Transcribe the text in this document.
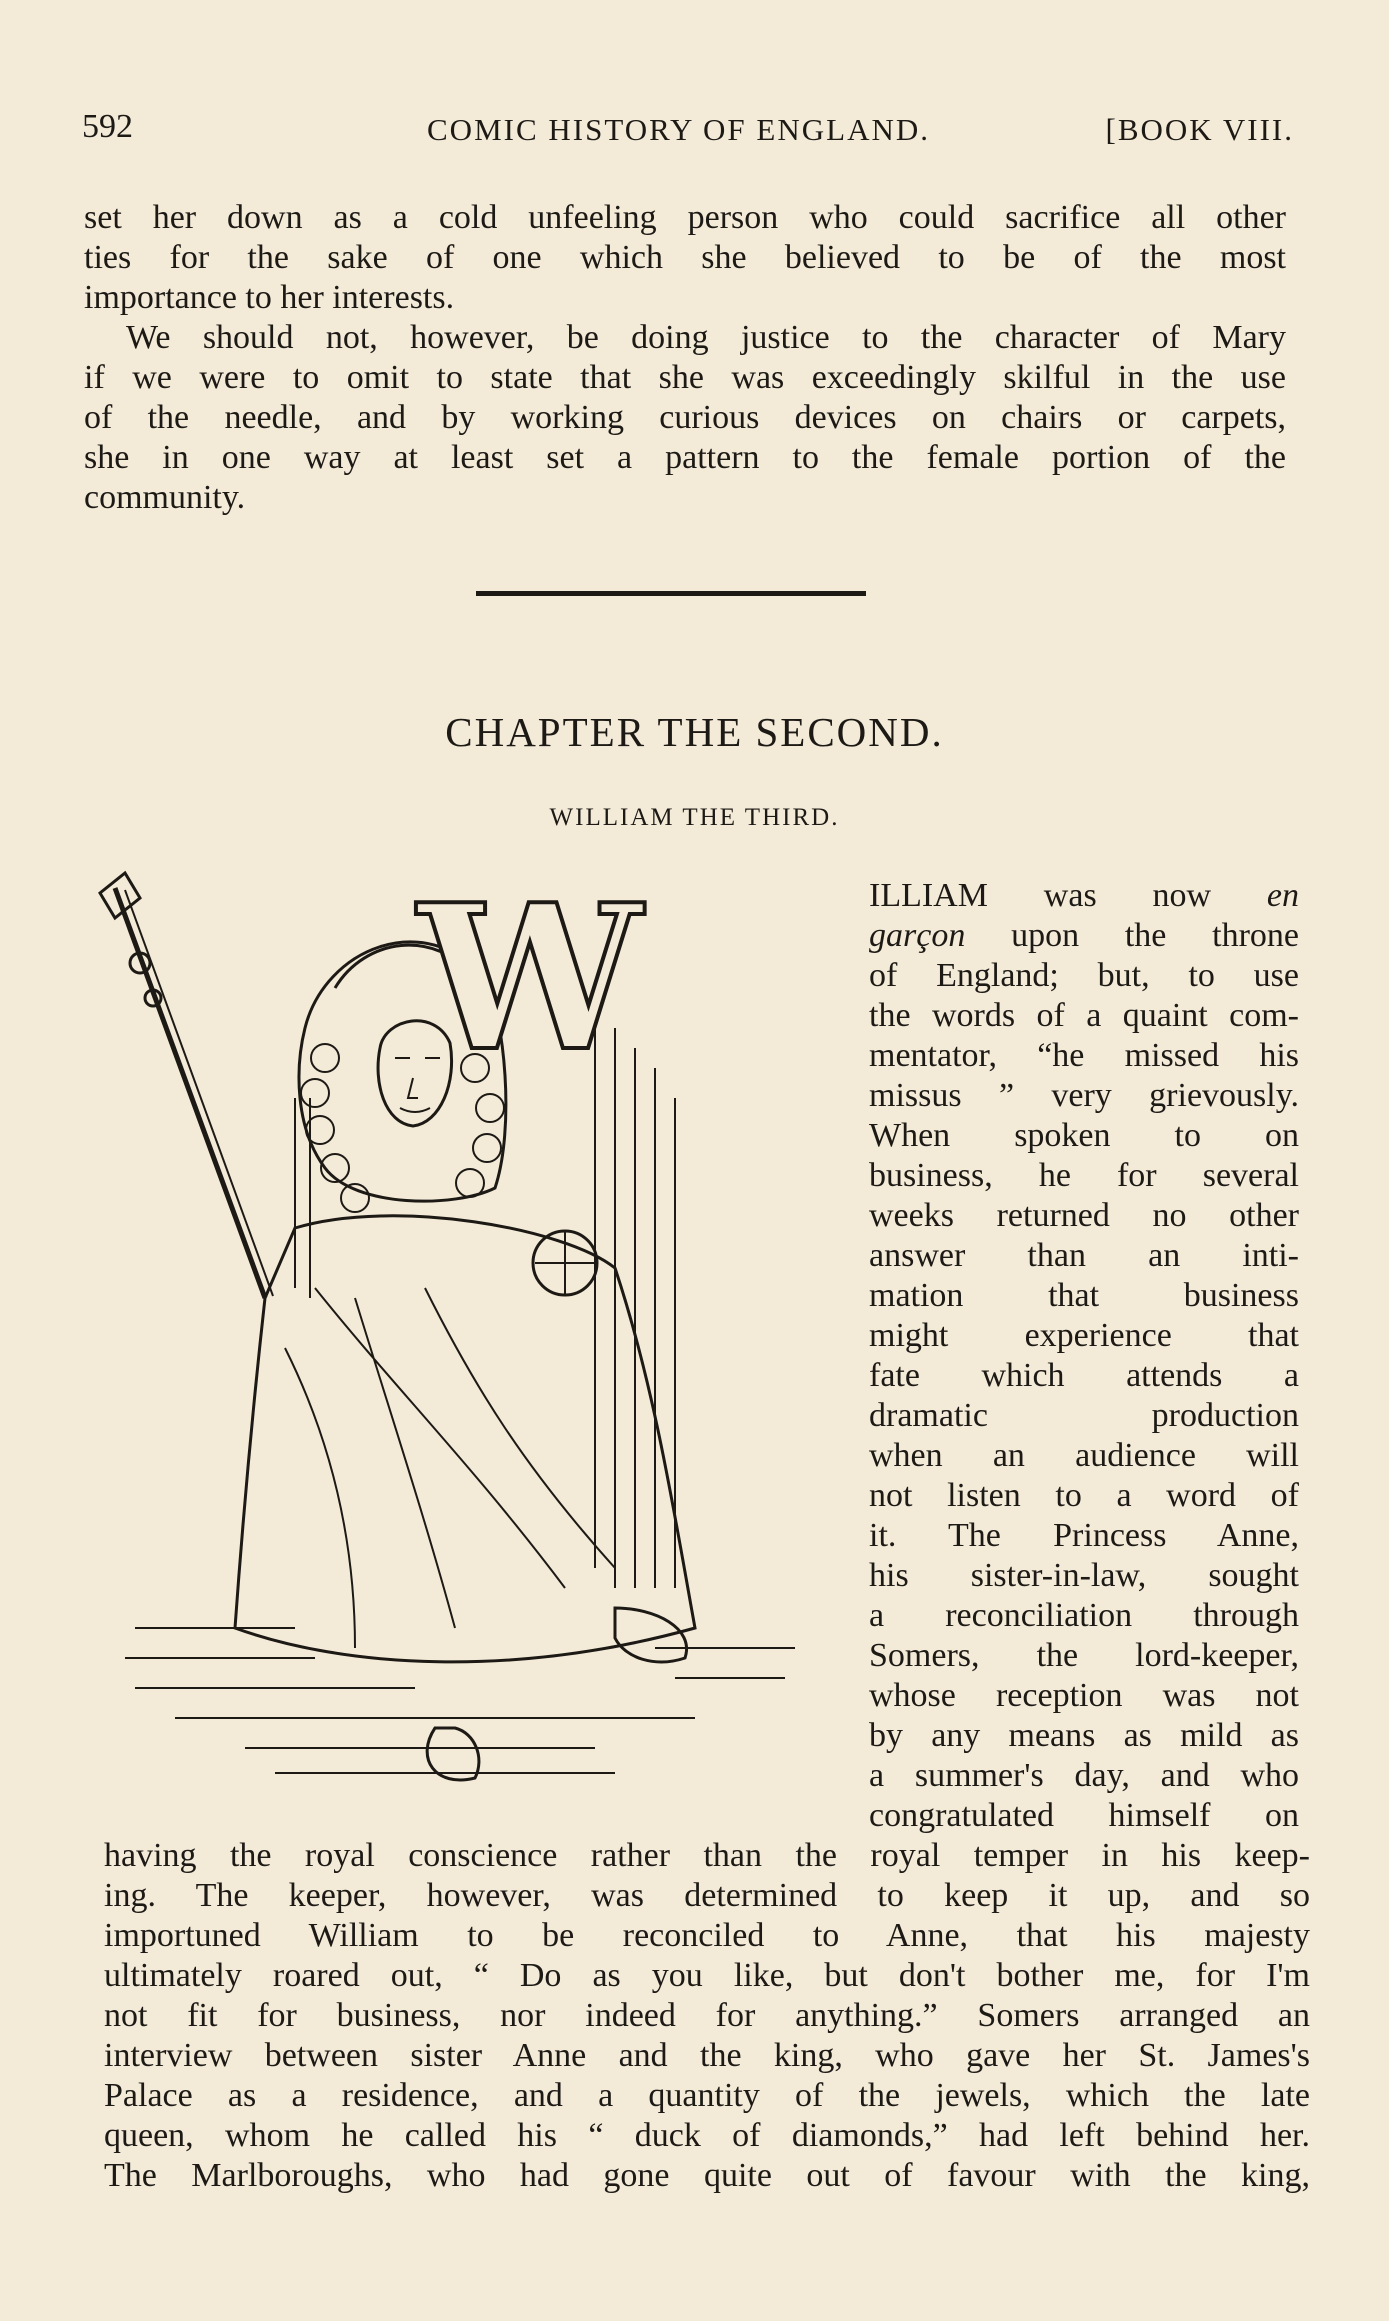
592	COMIC HISTORY OF ENGLAND.	[BOOK VIII.
set her down as a cold unfeeling person who could sacrifice all other
ties for the sake of one which she believed to be of the most
importance to her interests.
We should not, however, be doing justice to the character of Mary
if we were to omit to state that she was exceedingly skilful in the use
of the needle, and by working curious devices on chairs or carpets,
she in one way at least set a pattern to the female portion of the
community.
CHAPTER THE SECOND.
WILLIAM THE THIRD.
W	ILLIAM was now en
garçon upon the throne
of England; but, to use
the words of a quaint com-
mentator, “he missed his
missus ” very grievously.
When spoken to on
business, he for several
weeks returned no other
answer than an inti-
mation that business
might experience that
fate which attends a
dramatic production
when an audience will
not listen to a word of
it. The Princess Anne,
his sister-in-law, sought
a reconciliation through
Somers, the lord-keeper,
whose reception was not
by any means as mild as
a summer's day, and who
congratulated himself on
having the royal conscience rather than the royal temper in his keep-
ing. The keeper, however, was determined to keep it up, and so
importuned William to be reconciled to Anne, that his majesty
ultimately roared out, “ Do as you like, but don't bother me, for I'm
not fit for business, nor indeed for anything.” Somers arranged an
interview between sister Anne and the king, who gave her St. James's
Palace as a residence, and a quantity of the jewels, which the late
queen, whom he called his “ duck of diamonds,” had left behind her.
The Marlboroughs, who had gone quite out of favour with the king,
